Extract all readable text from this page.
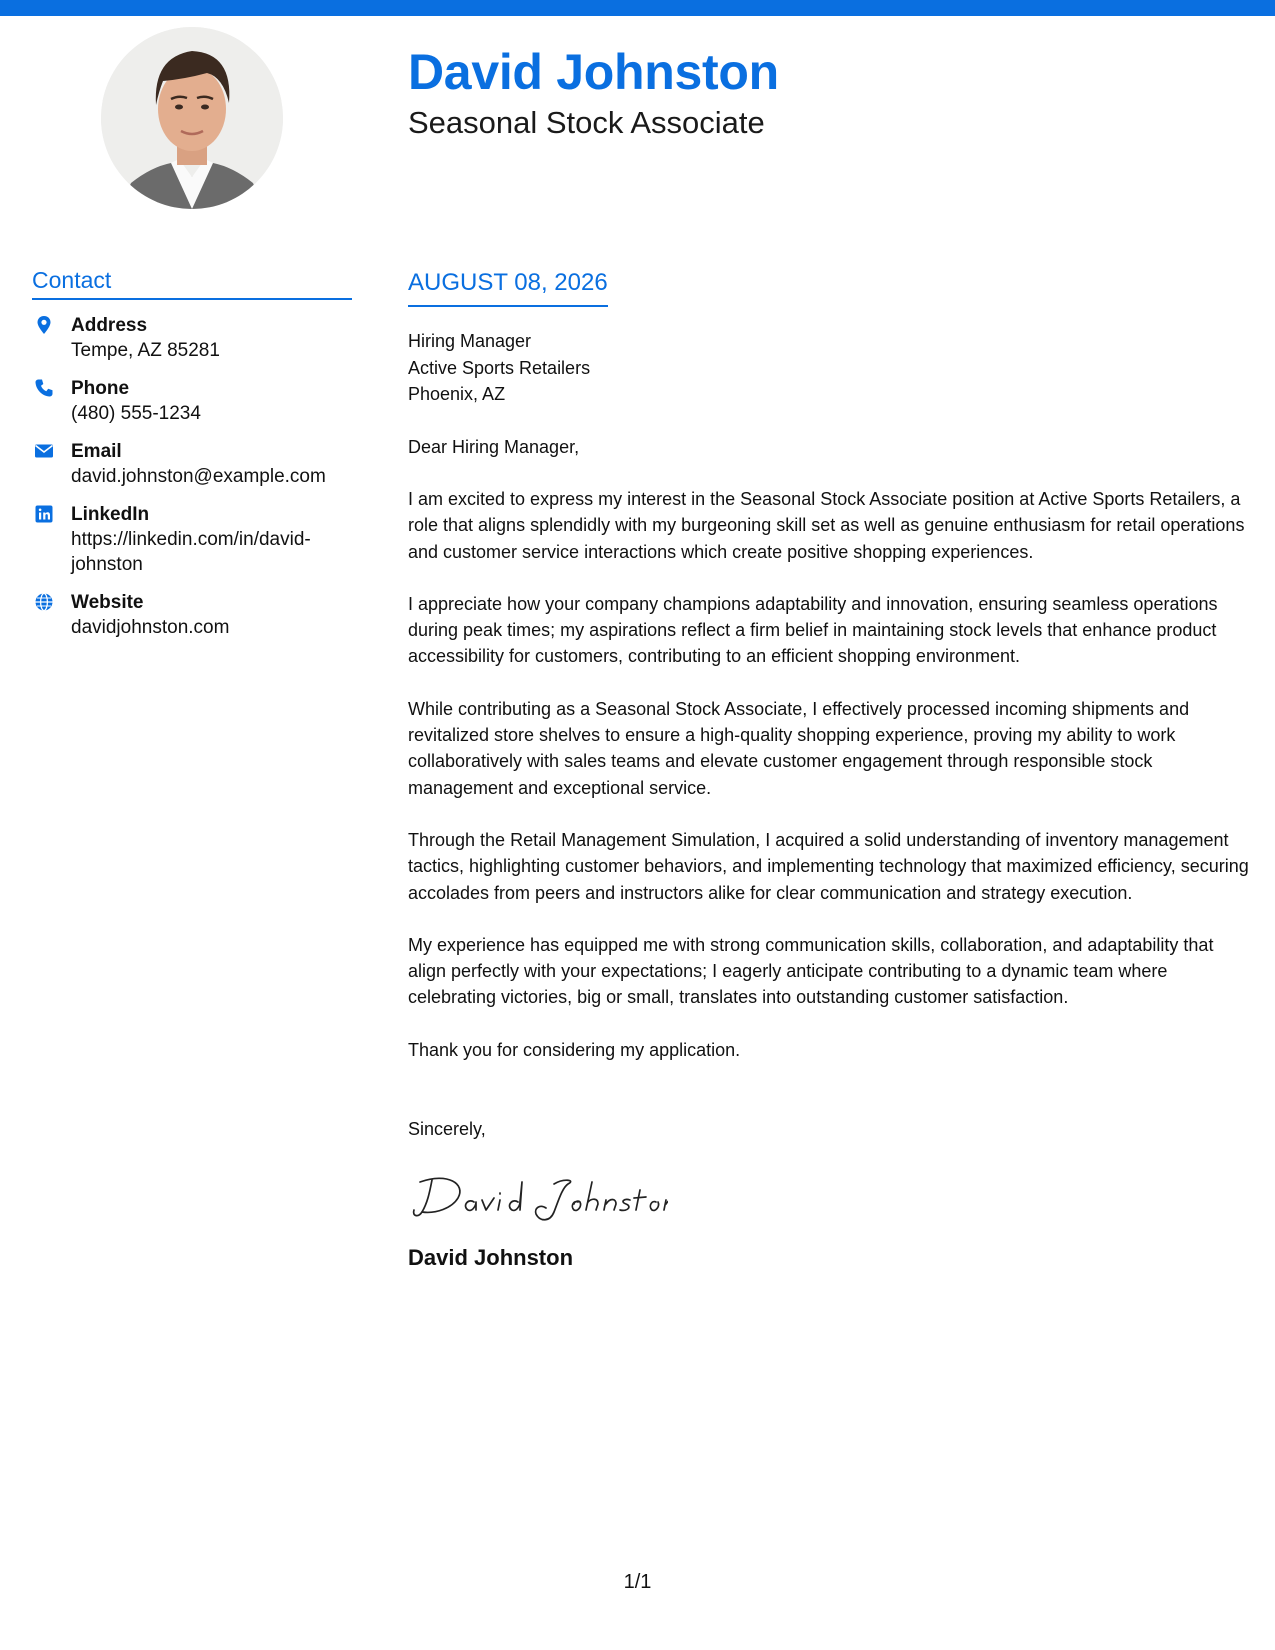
David Johnston
Seasonal Stock Associate
Contact
Address
Tempe, AZ 85281
Phone
(480) 555-1234
Email
david.johnston@example.com
LinkedIn
https://linkedin.com/in/david-johnston
Website
davidjohnston.com
AUGUST 08, 2026
Hiring Manager
Active Sports Retailers
Phoenix, AZ
Dear Hiring Manager,
I am excited to express my interest in the Seasonal Stock Associate position at Active Sports Retailers, a role that aligns splendidly with my burgeoning skill set as well as genuine enthusiasm for retail operations and customer service interactions which create positive shopping experiences.
I appreciate how your company champions adaptability and innovation, ensuring seamless operations during peak times; my aspirations reflect a firm belief in maintaining stock levels that enhance product accessibility for customers, contributing to an efficient shopping environment.
While contributing as a Seasonal Stock Associate, I effectively processed incoming shipments and revitalized store shelves to ensure a high-quality shopping experience, proving my ability to work collaboratively with sales teams and elevate customer engagement through responsible stock management and exceptional service.
Through the Retail Management Simulation, I acquired a solid understanding of inventory management tactics, highlighting customer behaviors, and implementing technology that maximized efficiency, securing accolades from peers and instructors alike for clear communication and strategy execution.
My experience has equipped me with strong communication skills, collaboration, and adaptability that align perfectly with your expectations; I eagerly anticipate contributing to a dynamic team where celebrating victories, big or small, translates into outstanding customer satisfaction.
Thank you for considering my application.
Sincerely,
David Johnston
1/1
